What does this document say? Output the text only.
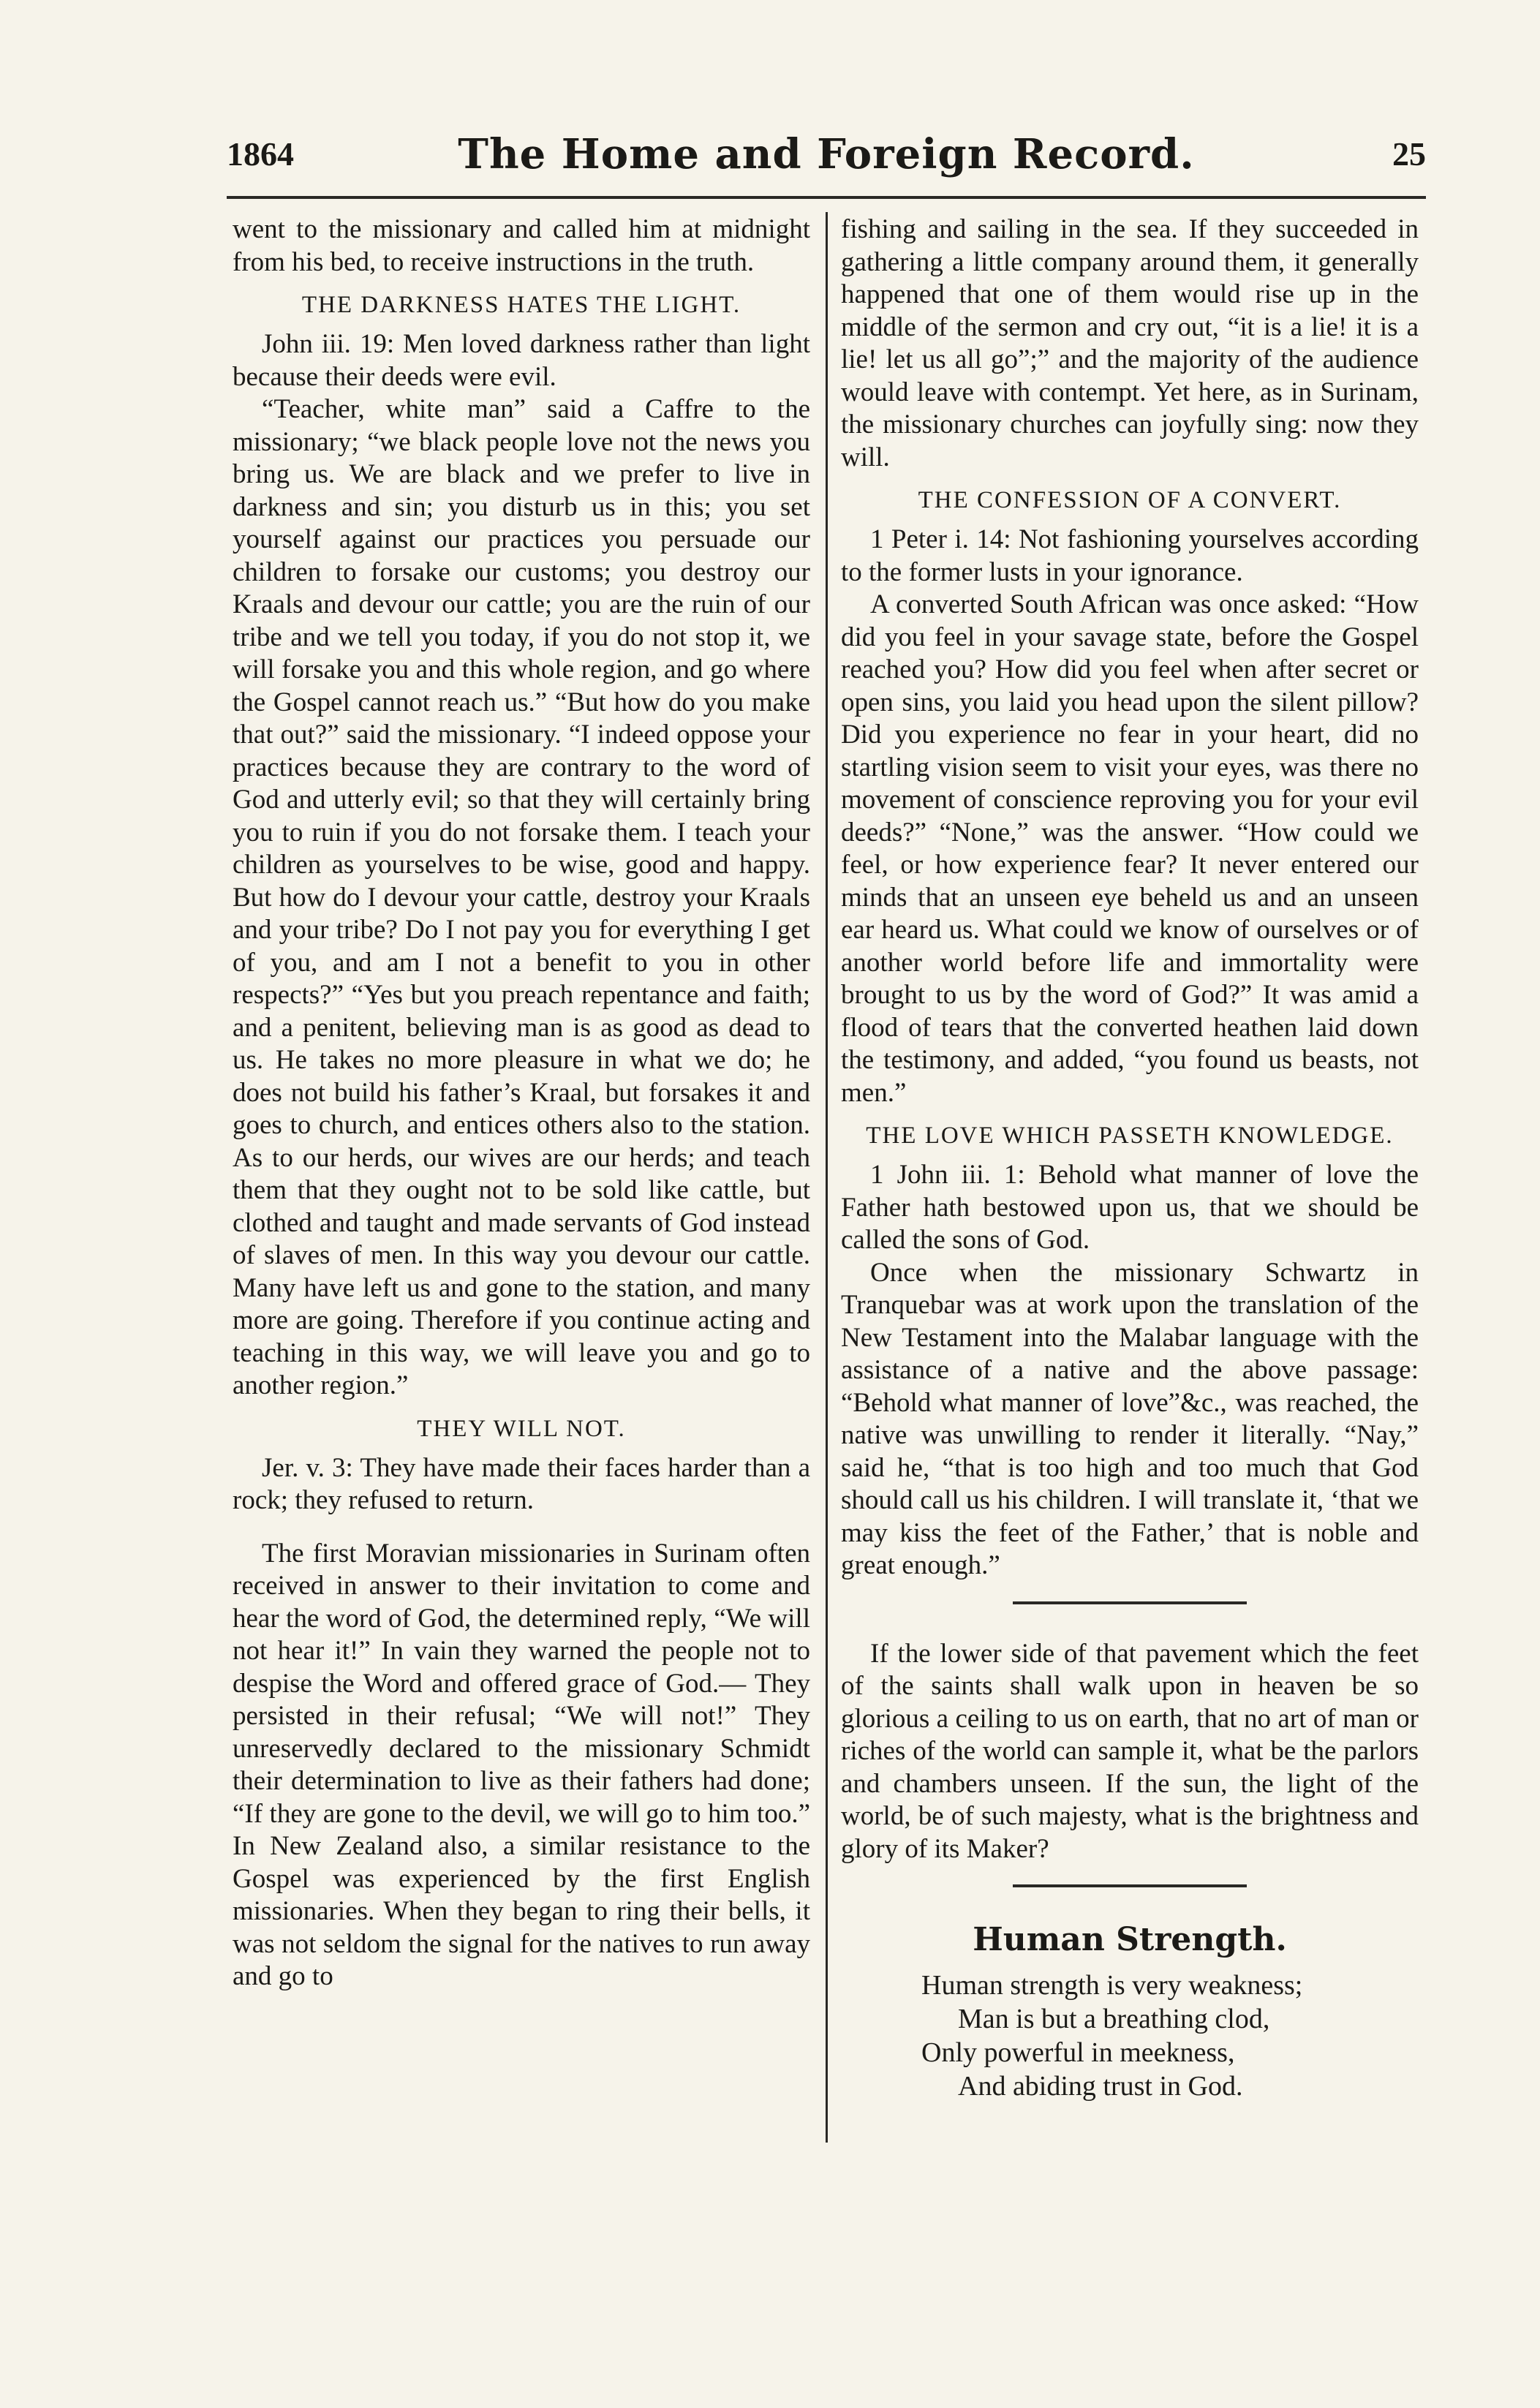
1864	The Home and Foreign Record.	25

went to the missionary and called him at midnight from his bed, to receive instructions in the truth.

THE DARKNESS HATES THE LIGHT.

John iii. 19: Men loved darkness rather than light because their deeds were evil.

“Teacher, white man” said a Caffre to the missionary; “we black people love not the news you bring us. We are black and we prefer to live in darkness and sin; you disturb us in this; you set yourself against our practices you persuade our children to forsake our customs; you destroy our Kraals and devour our cattle; you are the ruin of our tribe and we tell you today, if you do not stop it, we will forsake you and this whole region, and go where the Gospel cannot reach us.” “But how do you make that out?” said the missionary. “I indeed oppose your practices because they are contrary to the word of God and utterly evil; so that they will certainly bring you to ruin if you do not forsake them. I teach your children as yourselves to be wise, good and happy. But how do I devour your cattle, destroy your Kraals and your tribe? Do I not pay you for everything I get of you, and am I not a benefit to you in other respects?” “Yes but you preach repentance and faith; and a penitent, believing man is as good as dead to us. He takes no more pleasure in what we do; he does not build his father’s Kraal, but forsakes it and goes to church, and entices others also to the station. As to our herds, our wives are our herds; and teach them that they ought not to be sold like cattle, but clothed and taught and made servants of God instead of slaves of men. In this way you devour our cattle. Many have left us and gone to the station, and many more are going. Therefore if you continue acting and teaching in this way, we will leave you and go to another region.”

THEY WILL NOT.

Jer. v. 3: They have made their faces harder than a rock; they refused to return.

The first Moravian missionaries in Surinam often received in answer to their invitation to come and hear the word of God, the determined reply, “We will not hear it!” In vain they warned the people not to despise the Word and offered grace of God.— They persisted in their refusal; “We will not!” They unreservedly declared to the missionary Schmidt their determination to live as their fathers had done; “If they are gone to the devil, we will go to him too.” In New Zealand also, a similar resistance to the Gospel was experienced by the first English missionaries. When they began to ring their bells, it was not seldom the signal for the natives to run away and go to

fishing and sailing in the sea. If they succeeded in gathering a little company around them, it generally happened that one of them would rise up in the middle of the sermon and cry out, “it is a lie! it is a lie! let us all go”;” and the majority of the audience would leave with contempt. Yet here, as in Surinam, the missionary churches can joyfully sing: now they will.

THE CONFESSION OF A CONVERT.

1 Peter i. 14: Not fashioning yourselves according to the former lusts in your ignorance.

A converted South African was once asked: “How did you feel in your savage state, before the Gospel reached you? How did you feel when after secret or open sins, you laid you head upon the silent pillow? Did you experience no fear in your heart, did no startling vision seem to visit your eyes, was there no movement of conscience reproving you for your evil deeds?” “None,” was the answer. “How could we feel, or how experience fear? It never entered our minds that an unseen eye beheld us and an unseen ear heard us. What could we know of ourselves or of another world before life and immortality were brought to us by the word of God?” It was amid a flood of tears that the converted heathen laid down the testimony, and added, “you found us beasts, not men.”

THE LOVE WHICH PASSETH KNOWLEDGE.

1 John iii. 1: Behold what manner of love the Father hath bestowed upon us, that we should be called the sons of God.

Once when the missionary Schwartz in Tranquebar was at work upon the translation of the New Testament into the Malabar language with the assistance of a native and the above passage: “Behold what manner of love”&c., was reached, the native was unwilling to render it literally. “Nay,” said he, “that is too high and too much that God should call us his children. I will translate it, ‘that we may kiss the feet of the Father,’ that is noble and great enough.”

If the lower side of that pavement which the feet of the saints shall walk upon in heaven be so glorious a ceiling to us on earth, that no art of man or riches of the world can sample it, what be the parlors and chambers unseen. If the sun, the light of the world, be of such majesty, what is the brightness and glory of its Maker?

Human Strength.

Human strength is very weakness;

Man is but a breathing clod,

Only powerful in meekness,

And abiding trust in God.
